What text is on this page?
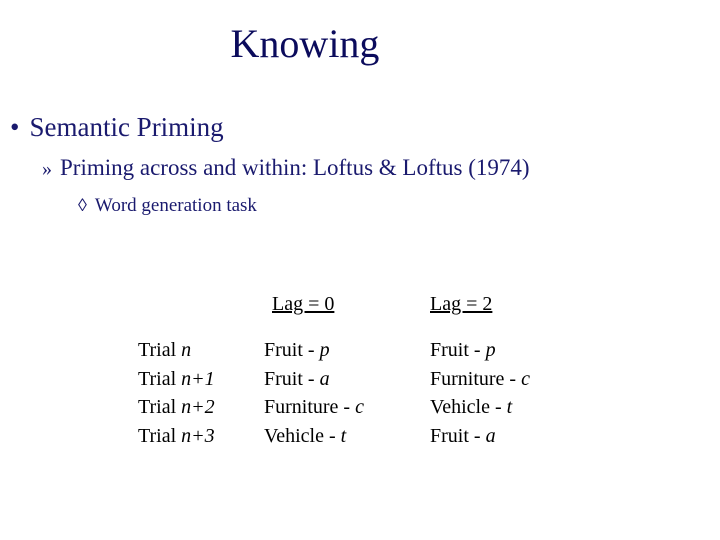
Knowing
• Semantic Priming
» Priming across and within: Loftus & Loftus (1974)
◊ Word generation task
Lag = 0	Lag = 2
Trial n
Trial n+1
Trial n+2
Trial n+3
Fruit - p
Fruit - a
Furniture - c
Vehicle - t
Fruit - p
Furniture - c
Vehicle - t
Fruit - a
